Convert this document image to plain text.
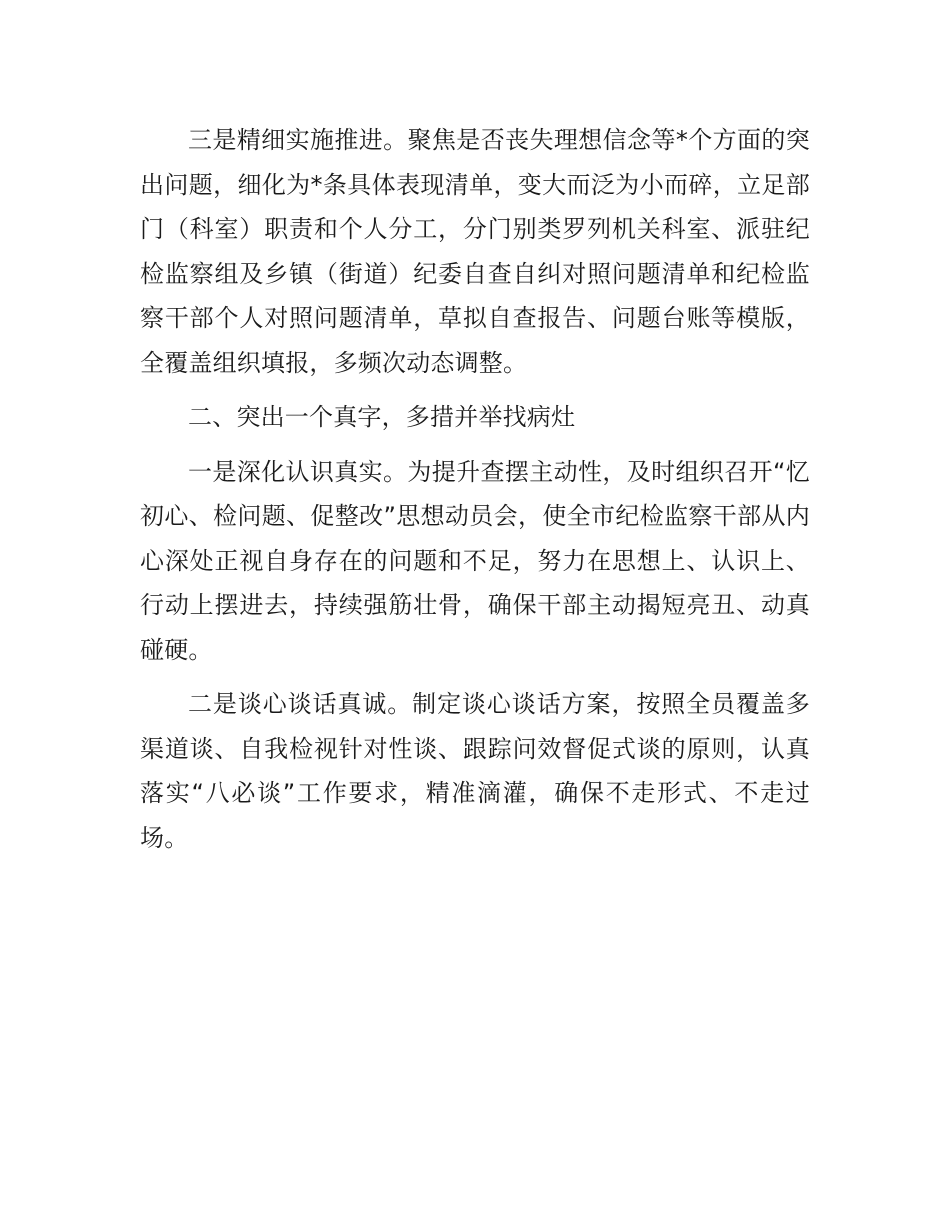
三是精细实施推进。聚焦是否丧失理想信念等*个方面的突出问题，细化为*条具体表现清单，变大而泛为小而碎，立足部门（科室）职责和个人分工，分门别类罗列机关科室、派驻纪检监察组及乡镇（街道）纪委自查自纠对照问题清单和纪检监察干部个人对照问题清单，草拟自查报告、问题台账等模版，全覆盖组织填报，多频次动态调整。

二、突出一个真字，多措并举找病灶

一是深化认识真实。为提升查摆主动性，及时组织召开“忆初心、检问题、促整改”思想动员会，使全市纪检监察干部从内心深处正视自身存在的问题和不足，努力在思想上、认识上、行动上摆进去，持续强筋壮骨，确保干部主动揭短亮丑、动真碰硬。

二是谈心谈话真诚。制定谈心谈话方案，按照全员覆盖多渠道谈、自我检视针对性谈、跟踪问效督促式谈的原则，认真落实“八必谈”工作要求，精准滴灌，确保不走形式、不走过场。
